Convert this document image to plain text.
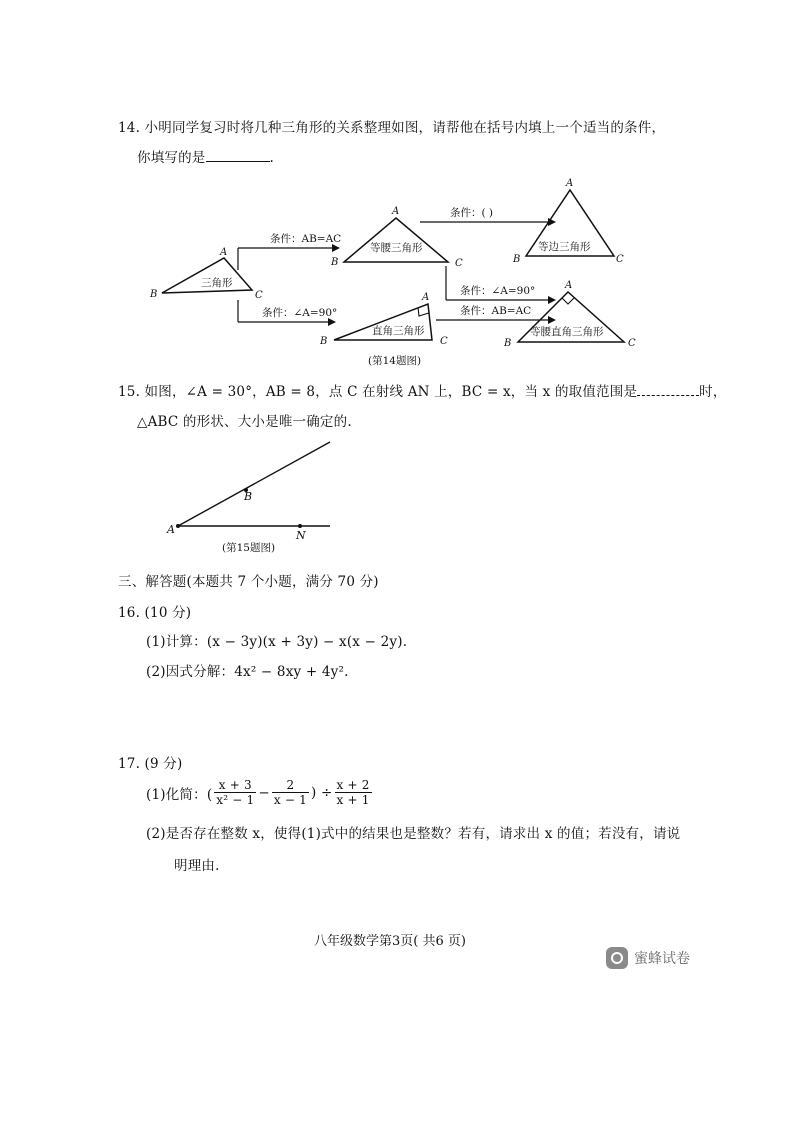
14. 小明同学复习时将几种三角形的关系整理如图，请帮他在括号内填上一个适当的条件，
你填写的是	.
A
B	C
三角形
条件：AB=AC
条件：∠A=90°
A
B	C
等腰三角形
条件：( )
条件：∠A=90°
条件：AB=AC
A
B	C
等边三角形
A
B	C
直角三角形
A
B	C
等腰直角三角形
(第14题图)
15. 如图，∠A = 30°，AB = 8，点 C 在射线 AN 上，BC = x，当 x 的取值范围是	时，
△ABC 的形状、大小是唯一确定的.
A
B
N
(第15题图)
三、解答题(本题共 7 个小题，满分 70 分)
16. (10 分)
(1)计算：(x − 3y)(x + 3y) − x(x − 2y).
(2)因式分解：4x² − 8xy + 4y².
17. (9 分)
(1)化简：( $\frac{x + 3}{\text{x² − 1}} - \frac{2}{x - 1}$ ) ÷ $\frac{x + 2}{x + 1}$
(2)是否存在整数 x，使得(1)式中的结果也是整数？若有，请求出 x 的值；若没有，请说
明理由.
八年级数学第3页( 共6 页)
蜜蜂试卷
